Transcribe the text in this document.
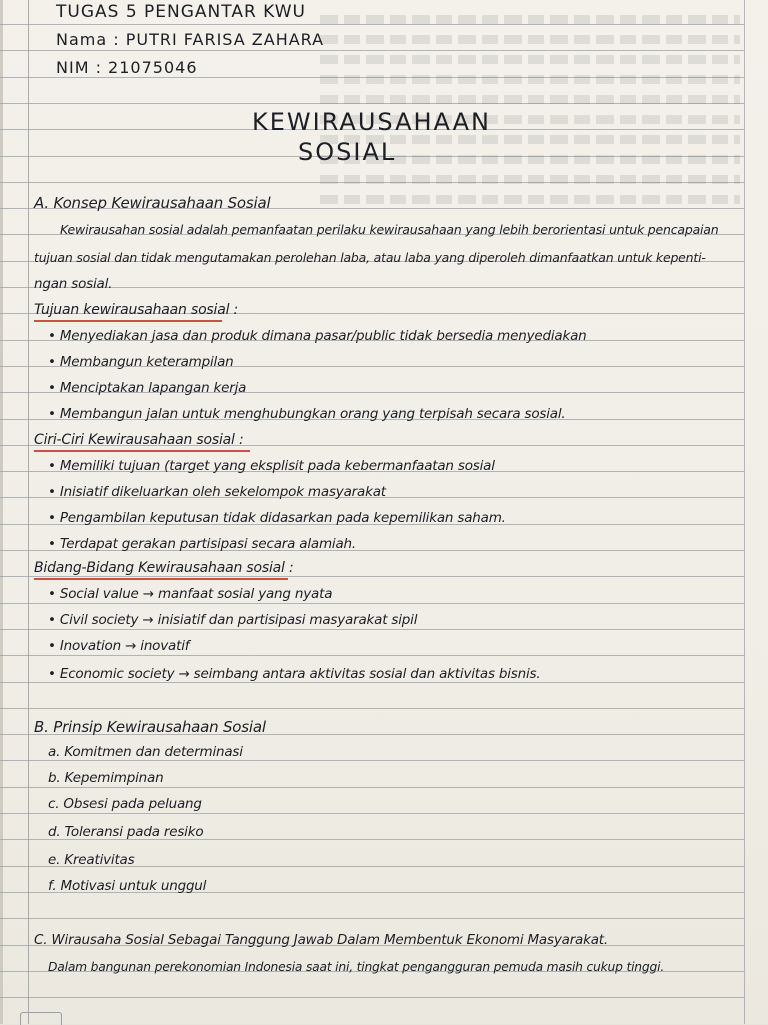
TUGAS 5 PENGANTAR KWU
Nama : PUTRI FARISA ZAHARA
NIM : 21075046
KEWIRAUSAHAAN
SOSIAL
A. Konsep Kewirausahaan Sosial
Kewirausahan sosial adalah pemanfaatan perilaku kewirausahaan yang lebih berorientasi untuk pencapaian
tujuan sosial dan tidak mengutamakan perolehan laba, atau laba yang diperoleh dimanfaatkan untuk kepenti-
ngan sosial.
Tujuan kewirausahaan sosial :
• Menyediakan jasa dan produk dimana pasar/public tidak bersedia menyediakan
• Membangun keterampilan
• Menciptakan lapangan kerja
• Membangun jalan untuk menghubungkan orang yang terpisah secara sosial.
Ciri-Ciri Kewirausahaan sosial :
• Memiliki tujuan (target yang eksplisit pada kebermanfaatan sosial
• Inisiatif dikeluarkan oleh sekelompok masyarakat
• Pengambilan keputusan tidak didasarkan pada kepemilikan saham.
• Terdapat gerakan partisipasi secara alamiah.
Bidang-Bidang Kewirausahaan sosial :
• Social value → manfaat sosial yang nyata
• Civil society → inisiatif dan partisipasi masyarakat sipil
• Inovation → inovatif
• Economic society → seimbang antara aktivitas sosial dan aktivitas bisnis.
B. Prinsip Kewirausahaan Sosial
a. Komitmen dan determinasi
b. Kepemimpinan
c. Obsesi pada peluang
d. Toleransi pada resiko
e. Kreativitas
f. Motivasi untuk unggul
C. Wirausaha Sosial Sebagai Tanggung Jawab Dalam Membentuk Ekonomi Masyarakat.
Dalam bangunan perekonomian Indonesia saat ini, tingkat pengangguran pemuda masih cukup tinggi.
